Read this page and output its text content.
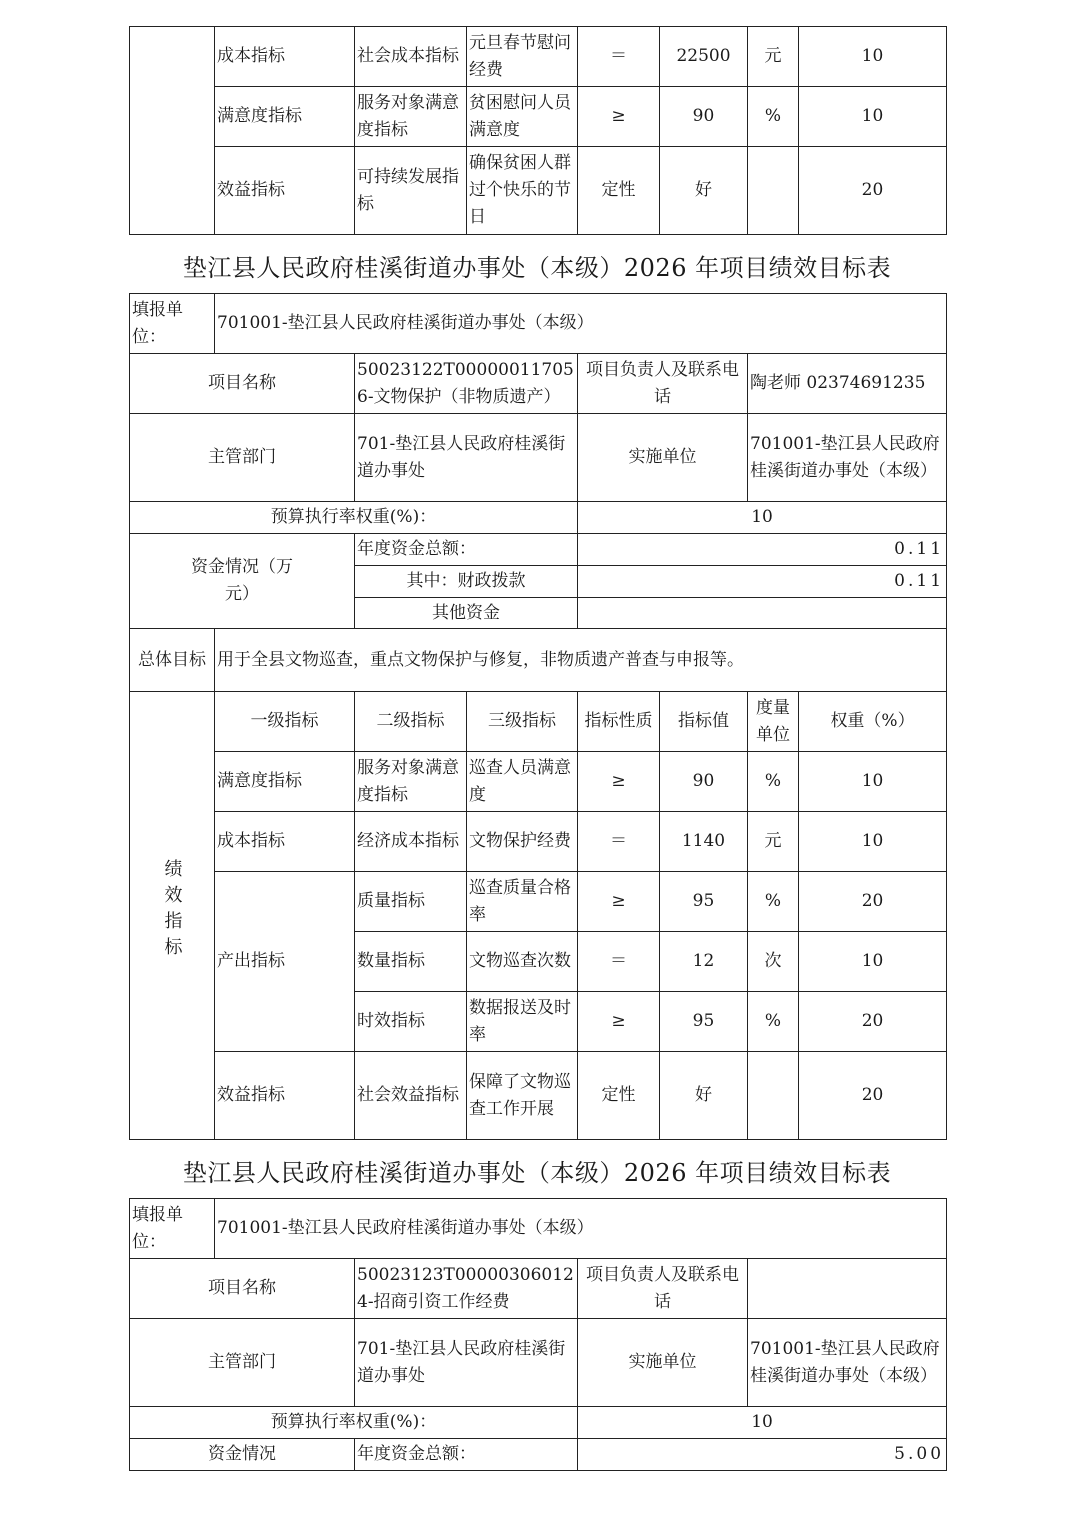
	成本指标	社会成本指标	元旦春节慰问经费	＝	22500	元	10
	满意度指标	服务对象满意度指标	贫困慰问人员满意度	≥	90	%	10
	效益指标	可持续发展指标	确保贫困人群过个快乐的节日	定性	好		20
垫江县人民政府桂溪街道办事处（本级）2026 年项目绩效目标表
填报单位：	701001-垫江县人民政府桂溪街道办事处（本级）						
项目名称		50023122T000000117056-文物保护（非物质遗产）		项目负责人及联系电话		陶老师 02374691235	
主管部门		701-垫江县人民政府桂溪街道办事处		实施单位		701001-垫江县人民政府桂溪街道办事处（本级）	
预算执行率权重(%)：				10			
资金情况（万元）		年度资金总额：		0.11			
		其中：财政拨款		0.11			
		其他资金					
总体目标	用于全县文物巡查，重点文物保护与修复，非物质遗产普查与申报等。						
绩效指标	一级指标	二级指标	三级指标	指标性质	指标值	度量单位	权重（%）
	满意度指标	服务对象满意度指标	巡查人员满意度	≥	90	%	10
	成本指标	经济成本指标	文物保护经费	＝	1140	元	10
	产出指标	质量指标	巡查质量合格率	≥	95	%	20
		数量指标	文物巡查次数	＝	12	次	10
		时效指标	数据报送及时率	≥	95	%	20
	效益指标	社会效益指标	保障了文物巡查工作开展	定性	好		20
垫江县人民政府桂溪街道办事处（本级）2026 年项目绩效目标表
填报单位：	701001-垫江县人民政府桂溪街道办事处（本级）			
项目名称		50023123T000003060124-招商引资工作经费	项目负责人及联系电话	
主管部门		701-垫江县人民政府桂溪街道办事处	实施单位	701001-垫江县人民政府桂溪街道办事处（本级）
预算执行率权重(%)：			10	
资金情况		年度资金总额：	5.00	
